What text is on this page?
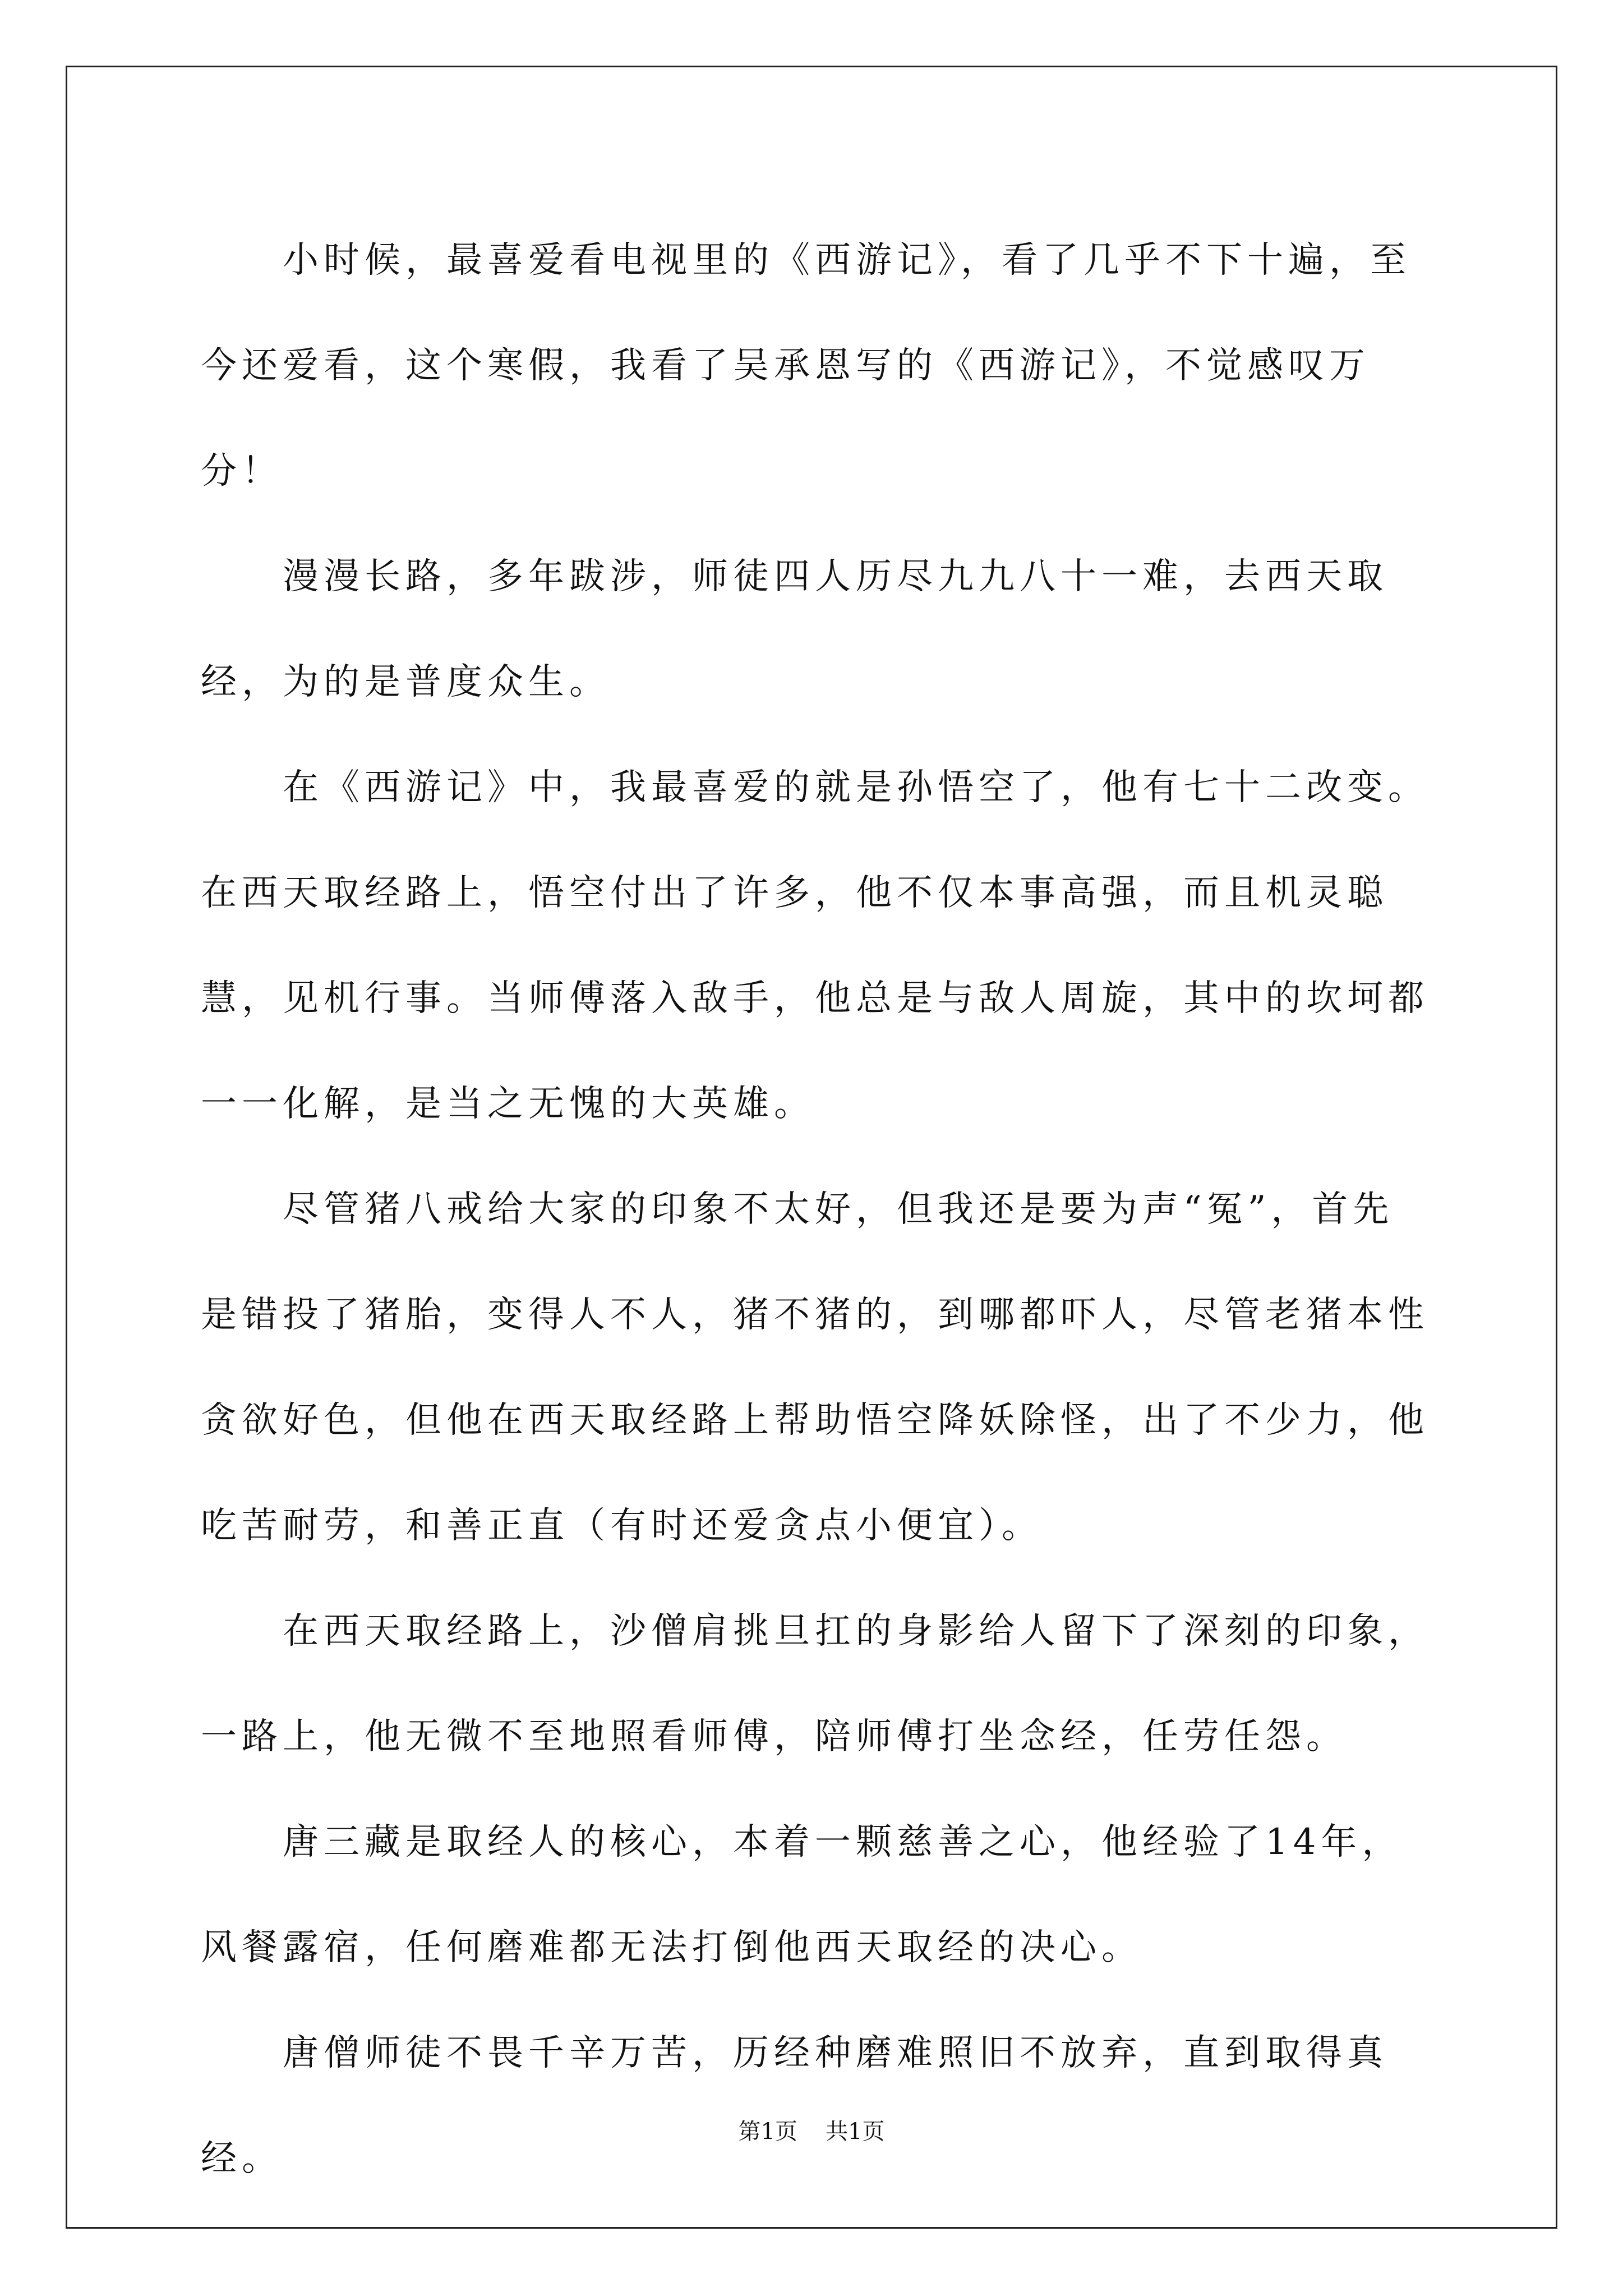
小时候，最喜爱看电视里的《西游记》，看了几乎不下十遍，至今还爱看，这个寒假，我看了吴承恩写的《西游记》，不觉感叹万分！

漫漫长路，多年跋涉，师徒四人历尽九九八十一难，去西天取经，为的是普度众生。

在《西游记》中，我最喜爱的就是孙悟空了，他有七十二改变。在西天取经路上，悟空付出了许多，他不仅本事高强，而且机灵聪慧，见机行事。当师傅落入敌手，他总是与敌人周旋，其中的坎坷都一一化解，是当之无愧的大英雄。

尽管猪八戒给大家的印象不太好，但我还是要为声“冤”，首先是错投了猪胎，变得人不人，猪不猪的，到哪都吓人，尽管老猪本性贪欲好色，但他在西天取经路上帮助悟空降妖除怪，出了不少力，他吃苦耐劳，和善正直（有时还爱贪点小便宜）。

在西天取经路上，沙僧肩挑旦扛的身影给人留下了深刻的印象，一路上，他无微不至地照看师傅，陪师傅打坐念经，任劳任怨。

唐三藏是取经人的核心，本着一颗慈善之心，他经验了14年，风餐露宿，任何磨难都无法打倒他西天取经的决心。

唐僧师徒不畏千辛万苦，历经种磨难照旧不放弃，直到取得真经。

第1页 共1页
